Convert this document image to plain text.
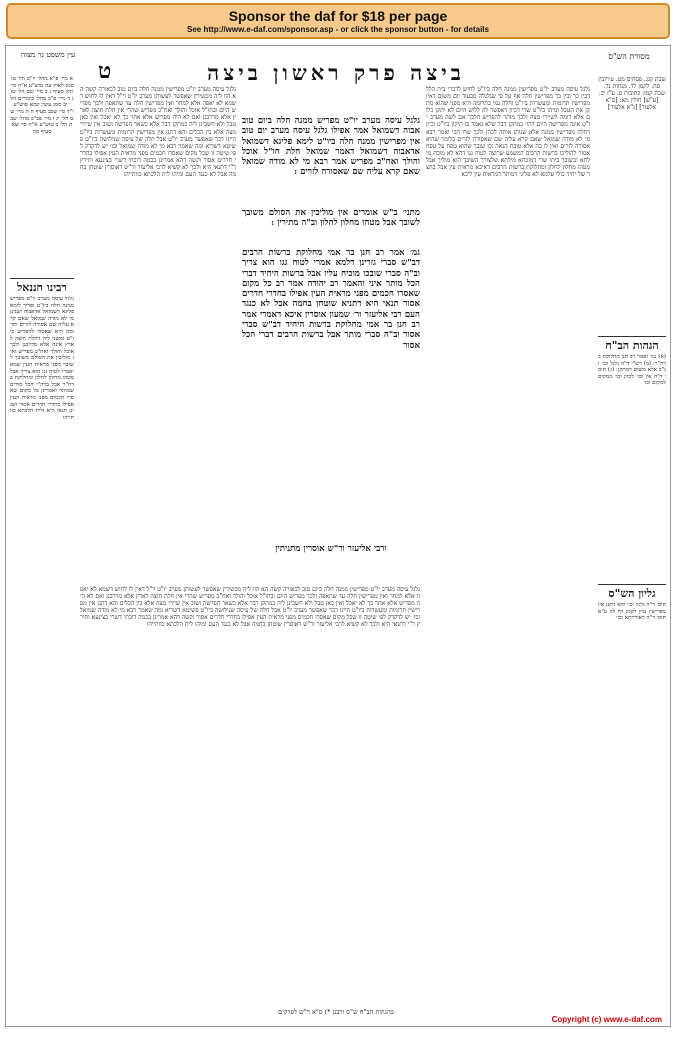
Sponsor the daf for $18 per page
See http://www.e-daf.com/sponsor.asp - or click the sponsor button - for details
עין משפט נר מצוה
ט	ביצה פרק ראשון ביצה
מסורת הש"ס
א מיי׳ פ"א מהל׳ יו"ט הל׳ טו סמג לאוין עה טוש"ע א"ח סי׳ תקו סעיף ג ב מיי׳ שם הל׳ טז ג ד מיי׳ פ"ב מהל׳ ביכורים הל׳ יב סמג עשין קמא טוש"ע י"ד סי׳ שכב סעיף ה ה מיי׳ שם הל׳ יג ו מיי׳ פכ"ב מהל׳ שבת הל׳ כ טוש"ע א"ח סי׳ שא סעיף מה
רבינו חננאל
גלגל עיסה מערב יו"ט מפריש ממנה חלה ביו"ט ופריך לימא פליגא דשמואל אדאבוה ושנינן מי לא מודה שמואל שאם קרא עליה שם אסורה לזרים ותרומה היא שאסור להפריש ביו"ט ומשני ליה דחלת חוצה לארץ אינה אלא מדרבנן ולכך אוכל והולך ואח"כ מפריש ואין מוליכין את הסולם משובך לשובך מפני מראית העין שמא יאמרו לטוח גגו הוא צריך אבל מטהו מחלון לחלון ומחלוקת ברה"ר אבל ברה"י הכל מודים שמותר ואמרינן כל מקום שאסרו חכמים מפני מראית העין אפילו בחדרי חדרים אסור ושנינן תנאי היא ולית הלכתא כוותייהו
גלגל עיסה מערב יו"ט מפרישין ממנה חלה ביום טוב לכאורה קשה הא הוו ליה מכשירין שאפשר לעשותן מערב יו"ט וי"ל דאין לו לחוש דשמא לא יאפה אלא למחר ואין מפרישין חלה עד שתאפה ולכך מפריש היום ובחו"ל אוכל והולך ואח"כ מפריש שהרי אין חלת חוצה לארץ אלא מדרבנן ואם לא היה מפריש אלא אחר כך לא יאכל ואין כאן טבל ולא חשבינן ליה כמתקן דבר אלא כשאר הפרשה ושוב אין שיירי מצה אלא בין הכלים והא דתנן אין מפרישין תרומות ומעשרות ביו"ט היינו דבר שאפשר מערב יו"ט אבל חלה של עיסה שנילושה ביו"ט פשיטא דשריא ומה שאמר רבא מי לא מודה שמואל וכו׳ יש לדקדק לפי שיטה זו שכל מקום שאסרו חכמים מפני מראית העין אפילו בחדרי חדרים אסור וקשה דהא אמרינן בכמה דוכתי דשרי בצינעא ותירץ ר"י דתנאי היא ולכך לא קשיא לרבי אליעזר ור"ש דאוסרין שוטחן בחמה אבל לא כנגד העם ומיהו לית הלכתא כוותייהו
גלגל עיסה מערב יו"ט מפריש ממנה חלה ביום טוב אבוה דשמואל אמר אפילו גלגל עיסה מערב יום טוב אין מפרישין ממנה חלה ביו"ט לימא פליגא דשמואל אדאבוה דשמואל דאמר שמואל חלת חו"ל אוכל והולך ואח"כ מפריש אמר רבא מי לא מודה שמואל שאם קרא עליה שם שאסורה לזרים :
מתני׳ ב"ש אומרים אין מוליכין את הסולם משובך לשובך אבל מטהו מחלון לחלון וב"ה מתירין :
גמ׳ אמר רב חנן בר אמי מחלוקת ברשות הרבים דב"ש סברי גזרינן דלמא אמרי לטוח גגו הוא צריך וב"ה סברי שובכו מוכיח עליו אבל ברשות היחיד דברי הכל מותר איני והאמר רב יהודה אמר רב כל מקום שאסרו חכמים מפני מראית העין אפילו בחדרי חדרים אסור תנאי היא דתניא שוטחן בחמה אבל לא כנגד העם רבי אליעזר ור׳ שמעון אוסרין איכא דאמרי אמר רב חנן בר אמי מחלוקת ברשות היחיד דב"ש סברי אסור וב"ה סברי מותר אבל ברשות הרבים דברי הכל אסור
ורבי אליעזר ור"ש אוסרין מתניתין
גלגל עיסה מערב יו"ט מפרישין ממנה חלה ביו"ט לחוש לדברי בית הלל דבין כך ובין כך מפרישין חלה אף על פי שגלגלה מבעוד יום משום דאין מפרישין תרומות ומעשרות ביו"ט וחלה נמי כתרומה היא מפני שהוא מתקן את הטבל ומיהו ביו"ט שרי דכיון דאפשר לה ללוש היום לא יתקן כלום אלא דומה לשיירי מצה ולכך מותר להפריש הלכך אם לשה מערב יו"ט אינה מפרישה היום דהוי כמתקן דבר שלא נאמר בו תיקון ביו"ט וכיון דחלה מפרישין ממנה אלא שנותן אותה לכהן ולכך שרו הכי ואמר רבא מי לא מודה שמואל שאם קרא עליה שם שאסורה לזרים כלומר שהיא אסורה לזרים ואין לו בה אלא טובת הנאה וכן שובך שהוא טפח על טפח אסור להוליכו ברשות הרבים דמשמע שרוצה לטוח גגו דהא לא מוכח מילתא ובשובך ביתו שרי דמוכחא מילתא שלצורך השובך הוא מוליך אבל מטהו מחלון לחלון ומחלוקת ברשות הרבים דאיכא מראית עין אבל בחצר של יחיד כולי עלמא לא פליגי דמותר דמראית עין ליכא
גלגל עיסה מערב יו"ט מפרישין ממנה חלה ביום טוב לכאורה קשה הא הוו ליה מכשירין שאפשר לעשותן מערב יו"ט וי"ל דאין לו לחוש דשמא לא יאפה אלא למחר ואין מפרישין חלה עד שתאפה ולכך מפריש היום ובחו"ל אוכל והולך ואח"כ מפריש שהרי אין חלת חוצה לארץ אלא מדרבנן ואם לא היה מפריש אלא אחר כך לא יאכל ואין כאן טבל ולא חשבינן ליה כמתקן דבר אלא כשאר הפרשה ושוב אין שיירי מצה אלא בין הכלים והא דתנן אין מפרישין תרומות ומעשרות ביו"ט היינו דבר שאפשר מערב יו"ט אבל חלה של עיסה שנילושה ביו"ט פשיטא דשריא ומה שאמר רבא מי לא מודה שמואל וכו׳ יש לדקדק לפי שיטה זו שכל מקום שאסרו חכמים מפני מראית העין אפילו בחדרי חדרים אסור וקשה דהא אמרינן בכמה דוכתי דשרי בצינעא ותירץ ר"י דתנאי היא ולכך לא קשיא לרבי אליעזר ור"ש דאוסרין שוטחן בחמה אבל לא כנגד העם ומיהו לית הלכתא כוותייהו
שבת קנג. פסחים מט. עירובין סח. לקמן לד. מנחות נד. שבת קמו: כתובות ס. ע"ז יב. [ע"ש] חולין מא: [ס"א אלעזר] [נ"א אלעזר]
הגהות הב"ח
(א) גמ׳ ואמר רב חנן מחלוקת ברה"ר: (ב) רש"י ד"ה גלגל וכו׳ ונ"ב אלא משום דמתקן: (ג) תוס׳ ד"ה אין וכו׳ לכהן וכו׳ ממקום למקום וכו׳
גליון הש"ס
תוס׳ ד"ה גלגל וכו׳ והא דתנן אין מפרישין עיין לקמן דף לה ע"א תוס׳ ד"ה דאורייתא וכו׳
בהגהות הב"ח ש"ס ורבנן *) ס"א ר"ש לפרקים
Copyright (c) www.e-daf.com
